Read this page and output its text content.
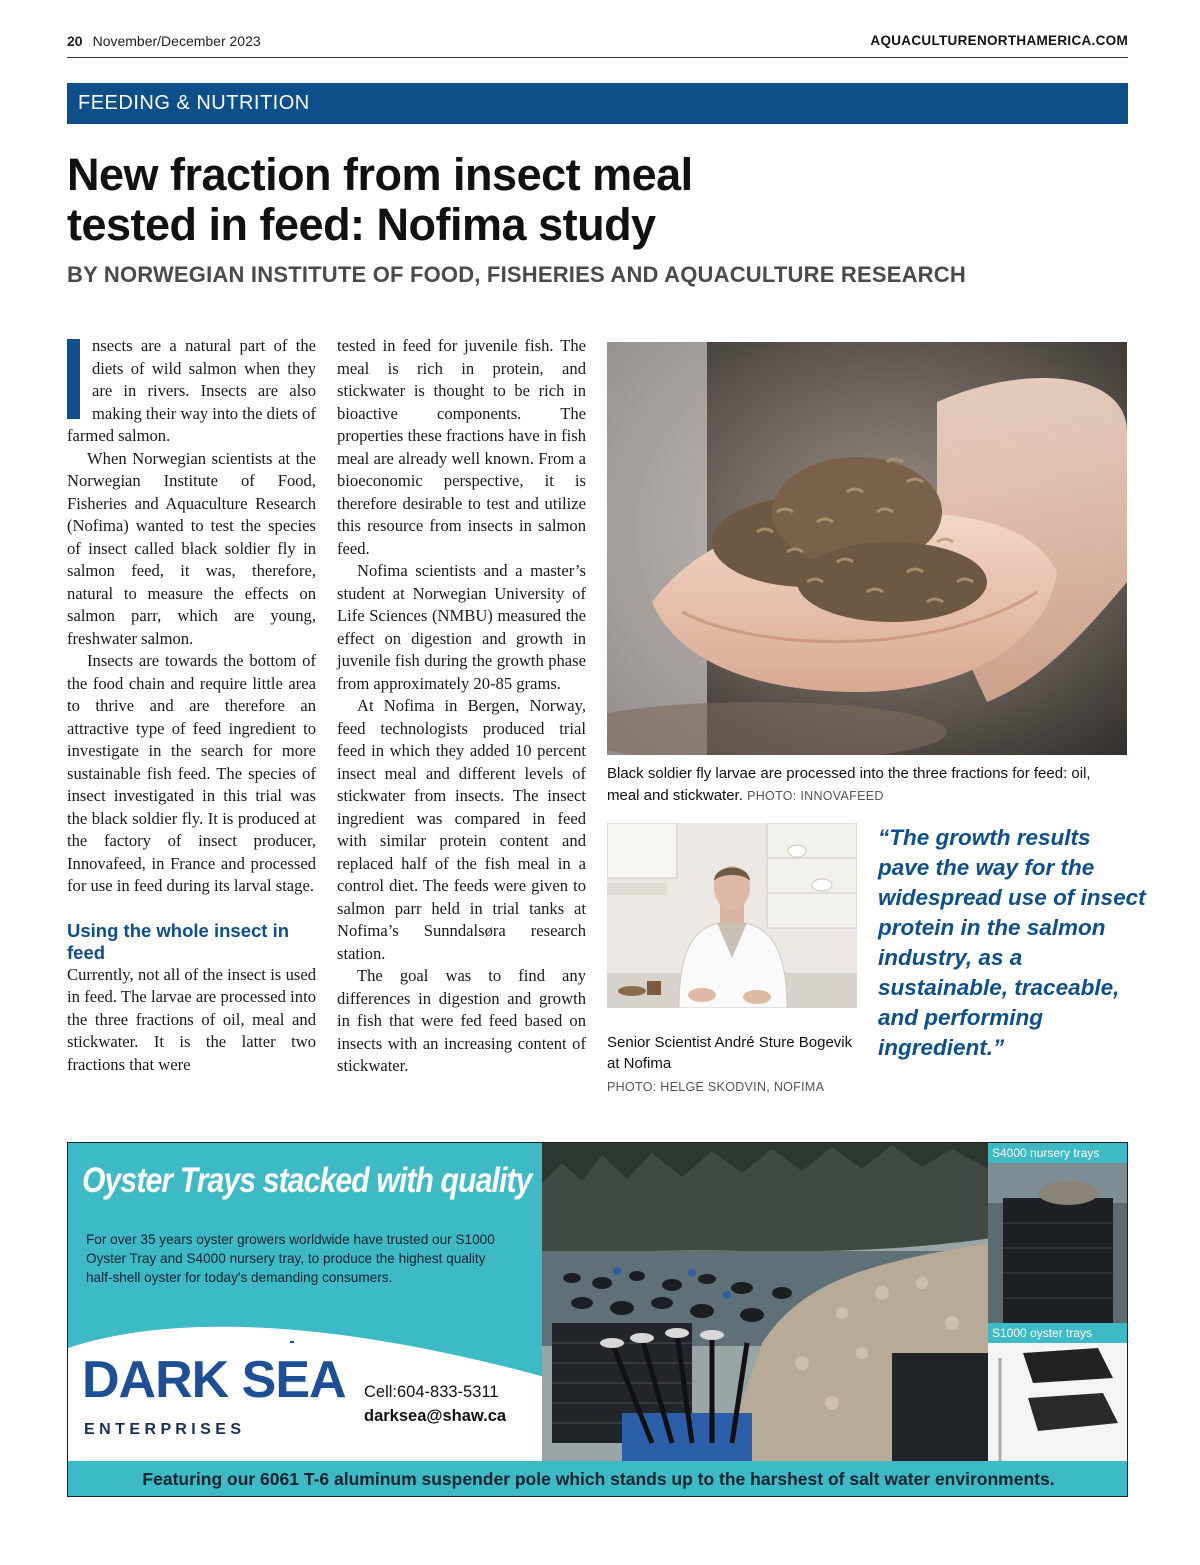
20 November/December 2023	AQUACULTURENORTHAMERICA.COM
FEEDING & NUTRITION
New fraction from insect meal
tested in feed: Nofima study
BY NORWEGIAN INSTITUTE OF FOOD, FISHERIES AND AQUACULTURE RESEARCH

nsects are a natural part of the diets of wild salmon when they are in rivers. Insects are also making their way into the diets of farmed salmon.

When Norwegian scientists at the Norwegian Institute of Food, Fisheries and Aquaculture Research (Nofima) wanted to test the species of insect called black soldier fly in salmon feed, it was, therefore, natural to measure the effects on salmon parr, which are young, freshwater salmon.

Insects are towards the bottom of the food chain and require little area to thrive and are therefore an attractive type of feed ingredient to investigate in the search for more sustainable fish feed. The species of insect investigated in this trial was the black soldier fly. It is produced at the factory of insect producer, Innovafeed, in France and processed for use in feed during its larval stage.

Using the whole insect in feed

Currently, not all of the insect is used in feed. The larvae are processed into the three fractions of oil, meal and stickwater. It is the latter two fractions that were

tested in feed for juvenile fish. The meal is rich in protein, and stickwater is thought to be rich in bioactive components. The properties these fractions have in fish meal are already well known. From a bioeconomic perspective, it is therefore desirable to test and utilize this resource from insects in salmon feed.

Nofima scientists and a master’s student at Norwegian University of Life Sciences (NMBU) measured the effect on digestion and growth in juvenile fish during the growth phase from approximately 20-85 grams.

At Nofima in Bergen, Norway, feed technologists produced trial feed in which they added 10 percent insect meal and different levels of stickwater from insects. The insect ingredient was compared in feed with similar protein content and replaced half of the fish meal in a control diet. The feeds were given to salmon parr held in trial tanks at Nofima’s Sunndalsøra research station.

The goal was to find any differences in digestion and growth in fish that were fed feed based on insects with an increasing content of stickwater.

Black soldier fly larvae are processed into the three fractions for feed: oil, meal and stickwater. PHOTO: INNOVAFEED
Senior Scientist André Sture Bogevik at Nofima
PHOTO: HELGE SKODVIN, NOFIMA
“The growth results pave the way for the widespread use of insect protein in the salmon industry, as a sustainable, traceable, and performing ingredient.”
Oyster Trays stacked with quality
For over 35 years oyster growers worldwide have trusted our S1000 Oyster Tray and S4000 nursery tray, to produce the highest quality half-shell oyster for today's demanding consumers.
DARK SEA
E N T E R P R I S E S
Cell:604-833-5311
darksea@shaw.ca
S4000 nursery trays
S1000 oyster trays
Featuring our 6061 T-6 aluminum suspender pole which stands up to the harshest of salt water environments.
